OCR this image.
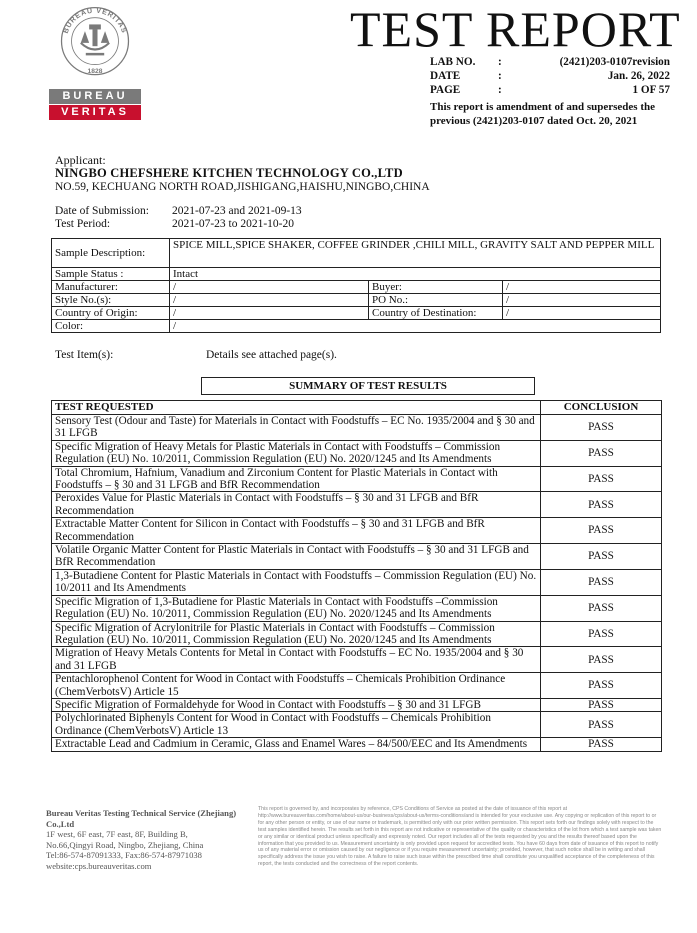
BUREAU VERITAS
1828
BUREAU
VERITAS
TEST REPORT
LAB NO.	:	(2421)203-0107revision
DATE	:	Jan. 26, 2022
PAGE	:	1 OF 57
This report is amendment of and supersedes the previous (2421)203-0107 dated Oct. 20, 2021
Applicant:
NINGBO CHEFSHERE KITCHEN TECHNOLOGY CO.,LTD
NO.59, KECHUANG NORTH ROAD,JISHIGANG,HAISHU,NINGBO,CHINA
Date of Submission: 2021-07-23 and 2021-09-13
Test Period:	2021-07-23 to 2021-10-20
Sample Description:	SPICE MILL,SPICE SHAKER, COFFEE GRINDER ,CHILI MILL, GRAVITY SALT AND PEPPER MILL		
Sample Status :	Intact		
Manufacturer:	/	Buyer:	/
Style No.(s):	/	PO No.:	/
Country of Origin:	/	Country of Destination:	/
Color:	/		
Test Item(s):	Details see attached page(s).
SUMMARY OF TEST RESULTS
TEST REQUESTED	CONCLUSION
Sensory Test (Odour and Taste) for Materials in Contact with Foodstuffs – EC No. 1935/2004 and § 30 and 31 LFGB	PASS
Specific Migration of Heavy Metals for Plastic Materials in Contact with Foodstuffs – Commission Regulation (EU) No. 10/2011, Commission Regulation (EU) No. 2020/1245 and Its Amendments	PASS
Total Chromium, Hafnium, Vanadium and Zirconium Content for Plastic Materials in Contact with Foodstuffs – § 30 and 31 LFGB and BfR Recommendation	PASS
Peroxides Value for Plastic Materials in Contact with Foodstuffs – § 30 and 31 LFGB and BfR Recommendation	PASS
Extractable Matter Content for Silicon in Contact with Foodstuffs – § 30 and 31 LFGB and BfR Recommendation	PASS
Volatile Organic Matter Content for Plastic Materials in Contact with Foodstuffs – § 30 and 31 LFGB and BfR Recommendation	PASS
1,3-Butadiene Content for Plastic Materials in Contact with Foodstuffs – Commission Regulation (EU) No. 10/2011 and Its Amendments	PASS
Specific Migration of 1,3-Butadiene for Plastic Materials in Contact with Foodstuffs –Commission Regulation (EU) No. 10/2011, Commission Regulation (EU) No. 2020/1245 and Its Amendments	PASS
Specific Migration of Acrylonitrile for Plastic Materials in Contact with Foodstuffs – Commission Regulation (EU) No. 10/2011, Commission Regulation (EU) No. 2020/1245 and Its Amendments	PASS
Migration of Heavy Metals Contents for Metal in Contact with Foodstuffs – EC No. 1935/2004 and § 30 and 31 LFGB	PASS
Pentachlorophenol Content for Wood in Contact with Foodstuffs – Chemicals Prohibition Ordinance (ChemVerbotsV) Article 15	PASS
Specific Migration of Formaldehyde for Wood in Contact with Foodstuffs – § 30 and 31 LFGB	PASS
Polychlorinated Biphenyls Content for Wood in Contact with Foodstuffs – Chemicals Prohibition Ordinance (ChemVerbotsV) Article 13	PASS
Extractable Lead and Cadmium in Ceramic, Glass and Enamel Wares – 84/500/EEC and Its Amendments	PASS
Bureau Veritas Testing Technical Service (Zhejiang) Co.,Ltd
1F west, 6F east, 7F east, 8F, Building B,
No.66,Qingyi Road, Ningbo, Zhejiang, China
Tel:86-574-87091333, Fax:86-574-87971038
website:cps.bureauveritas.com
This report is governed by, and incorporates by reference, CPS Conditions of Service as posted at the date of issuance of this report at http://www.bureauveritas.com/home/about-us/our-business/cps/about-us/terms-conditions/and is intended for your exclusive use. Any copying or replication of this report to or for any other person or entity, or use of our name or trademark, is permitted only with our prior written permission. This report sets forth our findings solely with respect to the test samples identified herein. The results set forth in this report are not indicative or representative of the quality or characteristics of the lot from which a test sample was taken or any similar or identical product unless specifically and expressly noted. Our report includes all of the tests requested by you and the results thereof based upon the information that you provided to us. Measurement uncertainty is only provided upon request for accredited tests. You have 60 days from date of issuance of this report to notify us of any material error or omission caused by our negligence or if you require measurement uncertainty; provided, however, that such notice shall be in writing and shall specifically address the issue you wish to raise. A failure to raise such issue within the prescribed time shall constitute you unqualified acceptance of the completeness of this report, the tests conducted and the correctness of the report contents.
